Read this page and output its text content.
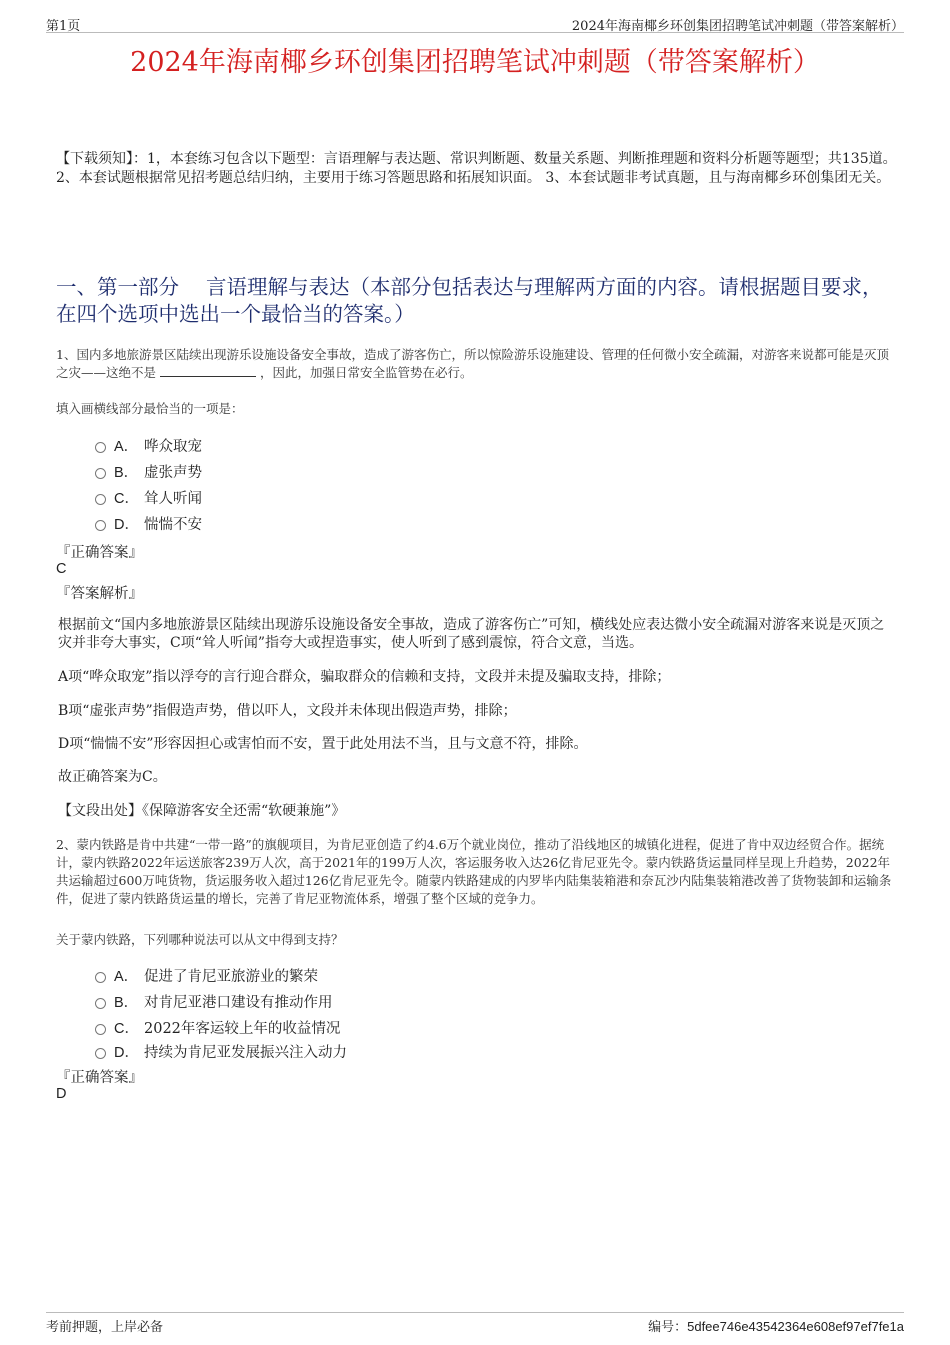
第1页	2024年海南椰乡环创集团招聘笔试冲刺题（带答案解析）
2024年海南椰乡环创集团招聘笔试冲刺题（带答案解析）
【下载须知】：1，本套练习包含以下题型：言语理解与表达题、常识判断题、数量关系题、判断推理题和资料分析题等题型；共135道。 2、本套试题根据常见招考题总结归纳，主要用于练习答题思路和拓展知识面。 3、本套试题非考试真题，且与海南椰乡环创集团无关。
一、第一部分　 言语理解与表达（本部分包括表达与理解两方面的内容。请根据题目要求，在四个选项中选出一个最恰当的答案。）
1、国内多地旅游景区陆续出现游乐设施设备安全事故，造成了游客伤亡，所以惊险游乐设施建设、管理的任何微小安全疏漏，对游客来说都可能是灭顶之灾——这绝不是	，因此，加强日常安全监管势在必行。
填入画横线部分最恰当的一项是：
A． 哗众取宠
B． 虚张声势
C． 耸人听闻
D． 惴惴不安
『正确答案』
C
『答案解析』
根据前文“国内多地旅游景区陆续出现游乐设施设备安全事故，造成了游客伤亡”可知，横线处应表达微小安全疏漏对游客来说是灭顶之灾并非夸大事实，C项“耸人听闻”指夸大或捏造事实，使人听到了感到震惊，符合文意，当选。
A项“哗众取宠”指以浮夸的言行迎合群众，骗取群众的信赖和支持，文段并未提及骗取支持，排除；
B项“虚张声势”指假造声势，借以吓人，文段并未体现出假造声势，排除；
D项“惴惴不安”形容因担心或害怕而不安，置于此处用法不当，且与文意不符，排除。
故正确答案为C。
【文段出处】《保障游客安全还需“软硬兼施”》
2、蒙内铁路是肯中共建“一带一路”的旗舰项目，为肯尼亚创造了约4.6万个就业岗位，推动了沿线地区的城镇化进程，促进了肯中双边经贸合作。据统计，蒙内铁路2022年运送旅客239万人次，高于2021年的199万人次，客运服务收入达26亿肯尼亚先令。蒙内铁路货运量同样呈现上升趋势，2022年共运输超过600万吨货物，货运服务收入超过126亿肯尼亚先令。随蒙内铁路建成的内罗毕内陆集装箱港和奈瓦沙内陆集装箱港改善了货物装卸和运输条件，促进了蒙内铁路货运量的增长，完善了肯尼亚物流体系，增强了整个区域的竞争力。
关于蒙内铁路，下列哪种说法可以从文中得到支持？
A． 促进了肯尼亚旅游业的繁荣
B． 对肯尼亚港口建设有推动作用
C． 2022年客运较上年的收益情况
D． 持续为肯尼亚发展振兴注入动力
『正确答案』
D
考前押题，上岸必备	编号：5dfee746e43542364e608ef97ef7fe1a
